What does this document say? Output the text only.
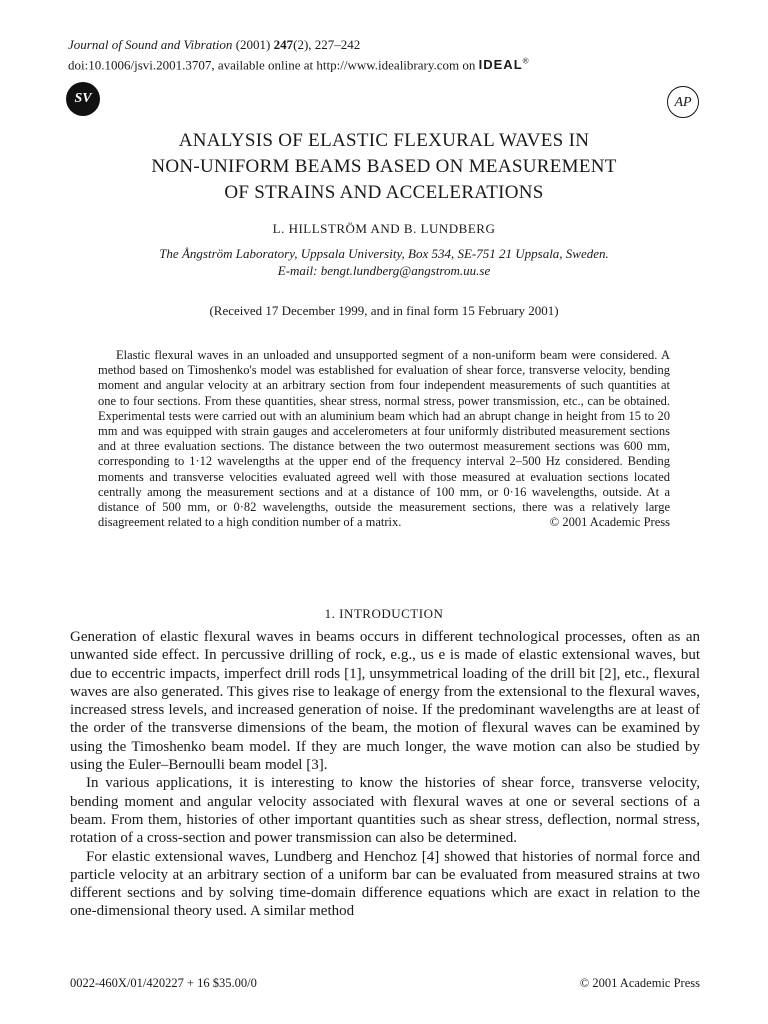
Journal of Sound and Vibration (2001) 247(2), 227–242
doi:10.1006/jsvi.2001.3707, available online at http://www.idealibrary.com on IDEAL®
SV	AP
ANALYSIS OF ELASTIC FLEXURAL WAVES IN
NON-UNIFORM BEAMS BASED ON MEASUREMENT
OF STRAINS AND ACCELERATIONS
L. HILLSTRÖM AND B. LUNDBERG
The Ångström Laboratory, Uppsala University, Box 534, SE-751 21 Uppsala, Sweden.
E-mail: bengt.lundberg@angstrom.uu.se
(Received 17 December 1999, and in final form 15 February 2001)

Elastic flexural waves in an unloaded and unsupported segment of a non-uniform beam were considered. A method based on Timoshenko's model was established for evaluation of shear force, transverse velocity, bending moment and angular velocity at an arbitrary section from four independent measurements of such quantities at one to four sections. From these quantities, shear stress, normal stress, power transmission, etc., can be obtained. Experimental tests were carried out with an aluminium beam which had an abrupt change in height from 15 to 20 mm and was equipped with strain gauges and accelerometers at four uniformly distributed measurement sections and at three evaluation sections. The distance between the two outermost measurement sections was 600 mm, corresponding to 1·12 wavelengths at the upper end of the frequency interval 2–500 Hz considered. Bending moments and transverse velocities evaluated agreed well with those measured at evaluation sections located centrally among the measurement sections and at a distance of 100 mm, or 0·16 wavelengths, outside. At a distance of 500 mm, or 0·82 wavelengths, outside the measurement sections, there was a relatively large disagreement related to a high condition number of a matrix.	© 2001 Academic Press

1. INTRODUCTION

Generation of elastic flexural waves in beams occurs in different technological processes, often as an unwanted side effect. In percussive drilling of rock, e.g., us e is made of elastic extensional waves, but due to eccentric impacts, imperfect drill rods [1], unsymmetrical loading of the drill bit [2], etc., flexural waves are also generated. This gives rise to leakage of energy from the extensional to the flexural waves, increased stress levels, and increased generation of noise. If the predominant wavelengths are at least of the order of the transverse dimensions of the beam, the motion of flexural waves can be examined by using the Timoshenko beam model. If they are much longer, the wave motion can also be studied by using the Euler–Bernoulli beam model [3].

In various applications, it is interesting to know the histories of shear force, transverse velocity, bending moment and angular velocity associated with flexural waves at one or several sections of a beam. From them, histories of other important quantities such as shear stress, deflection, normal stress, rotation of a cross-section and power transmission can also be determined.

For elastic extensional waves, Lundberg and Henchoz [4] showed that histories of normal force and particle velocity at an arbitrary section of a uniform bar can be evaluated from measured strains at two different sections and by solving time-domain difference equations which are exact in relation to the one-dimensional theory used. A similar method

0022-460X/01/420227 + 16 $35.00/0	© 2001 Academic Press
